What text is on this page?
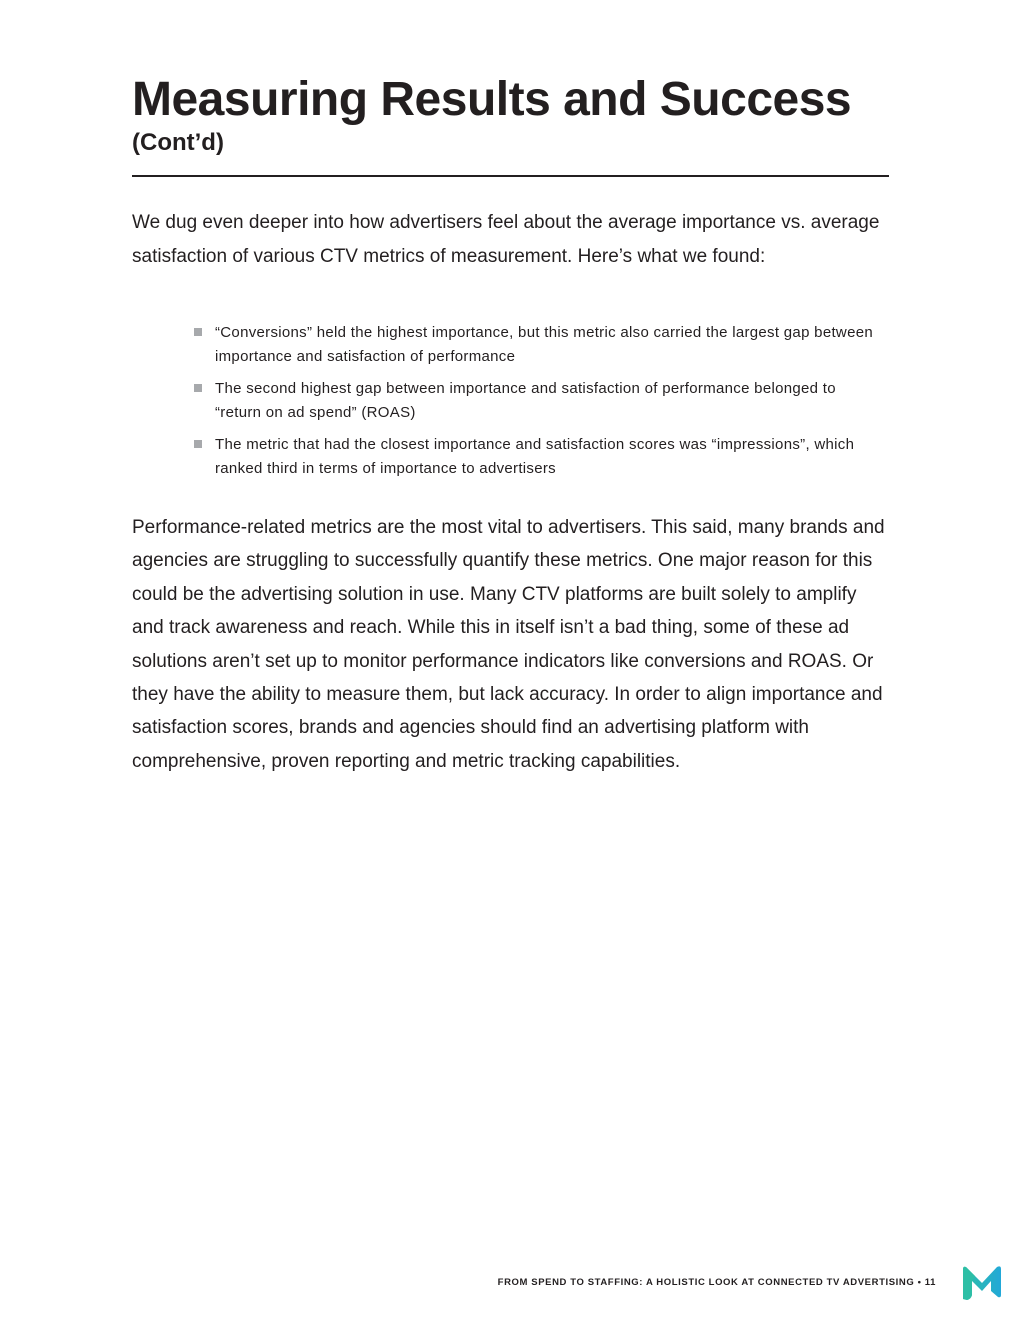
Measuring Results and Success
(Cont’d)

We dug even deeper into how advertisers feel about the average importance vs. average satisfaction of various CTV metrics of measurement. Here’s what we found:

“Conversions” held the highest importance, but this metric also carried the largest gap between importance and satisfaction of performance
The second highest gap between importance and satisfaction of performance belonged to “return on ad spend” (ROAS)
The metric that had the closest importance and satisfaction scores was “impressions”, which ranked third in terms of importance to advertisers

Performance-related metrics are the most vital to advertisers. This said, many brands and agencies are struggling to successfully quantify these metrics. One major reason for this could be the advertising solution in use. Many CTV platforms are built solely to amplify and track awareness and reach. While this in itself isn’t a bad thing, some of these ad solutions aren’t set up to monitor performance indicators like conversions and ROAS. Or they have the ability to measure them, but lack accuracy. In order to align importance and satisfaction scores, brands and agencies should find an advertising platform with comprehensive, proven reporting and metric tracking capabilities.

FROM SPEND TO STAFFING: A HOLISTIC LOOK AT CONNECTED TV ADVERTISING • 11
